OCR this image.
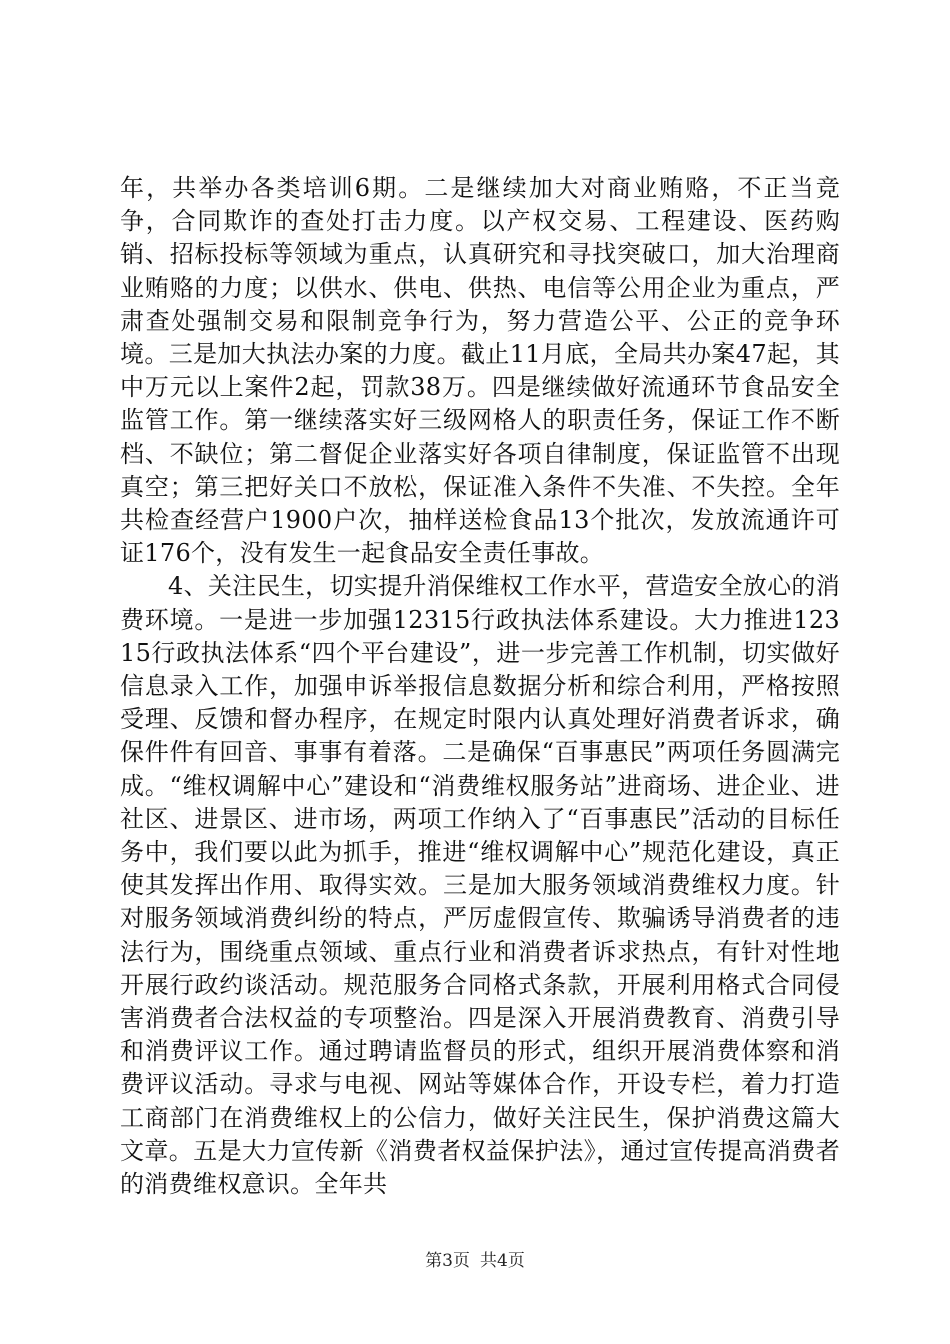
年，共举办各类培训6期。二是继续加大对商业贿赂，不正当竞争，合同欺诈的查处打击力度。以产权交易、工程建设、医药购销、招标投标等领域为重点，认真研究和寻找突破口，加大治理商业贿赂的力度；以供水、供电、供热、电信等公用企业为重点，严肃查处强制交易和限制竞争行为，努力营造公平、公正的竞争环境。三是加大执法办案的力度。截止11月底，全局共办案47起，其中万元以上案件2起，罚款38万。四是继续做好流通环节食品安全监管工作。第一继续落实好三级网格人的职责任务，保证工作不断档、不缺位；第二督促企业落实好各项自律制度，保证监管不出现真空；第三把好关口不放松，保证准入条件不失准、不失控。全年共检查经营户1900户次，抽样送检食品13个批次，发放流通许可证176个，没有发生一起食品安全责任事故。

4、关注民生，切实提升消保维权工作水平，营造安全放心的消费环境。一是进一步加强12315行政执法体系建设。大力推进12315行政执法体系“四个平台建设”，进一步完善工作机制，切实做好信息录入工作，加强申诉举报信息数据分析和综合利用，严格按照受理、反馈和督办程序，在规定时限内认真处理好消费者诉求，确保件件有回音、事事有着落。二是确保“百事惠民”两项任务圆满完成。“维权调解中心”建设和“消费维权服务站”进商场、进企业、进社区、进景区、进市场，两项工作纳入了“百事惠民”活动的目标任务中，我们要以此为抓手，推进“维权调解中心”规范化建设，真正使其发挥出作用、取得实效。三是加大服务领域消费维权力度。针对服务领域消费纠纷的特点，严厉虚假宣传、欺骗诱导消费者的违法行为，围绕重点领域、重点行业和消费者诉求热点，有针对性地开展行政约谈活动。规范服务合同格式条款，开展利用格式合同侵害消费者合法权益的专项整治。四是深入开展消费教育、消费引导和消费评议工作。通过聘请监督员的形式，组织开展消费体察和消费评议活动。寻求与电视、网站等媒体合作，开设专栏，着力打造工商部门在消费维权上的公信力，做好关注民生，保护消费这篇大文章。五是大力宣传新《消费者权益保护法》，通过宣传提高消费者的消费维权意识。全年共

第3页 共4页
